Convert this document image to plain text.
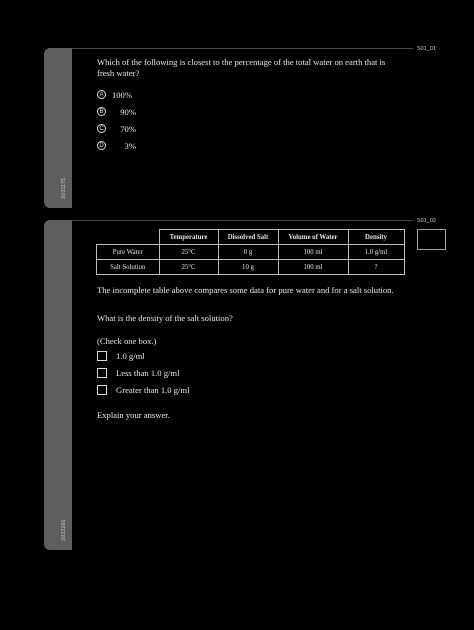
S031175
S01_01
Which of the following is closest to the percentage of the total water on earth that is fresh water?
A 100%
B	90%
C	70%
D	3%
S032266
S01_02
	Temperature	Dissolved Salt	Volume of Water	Density
Pure Water	25°C	0 g	100 ml	1.0 g/ml
Salt Solution	25°C	10 g	100 ml	?
The incomplete table above compares some data for pure water and for a salt solution.
What is the density of the salt solution?
(Check one box.)
1.0 g/ml
Less than 1.0 g/ml
Greater than 1.0 g/ml
Explain your answer.
